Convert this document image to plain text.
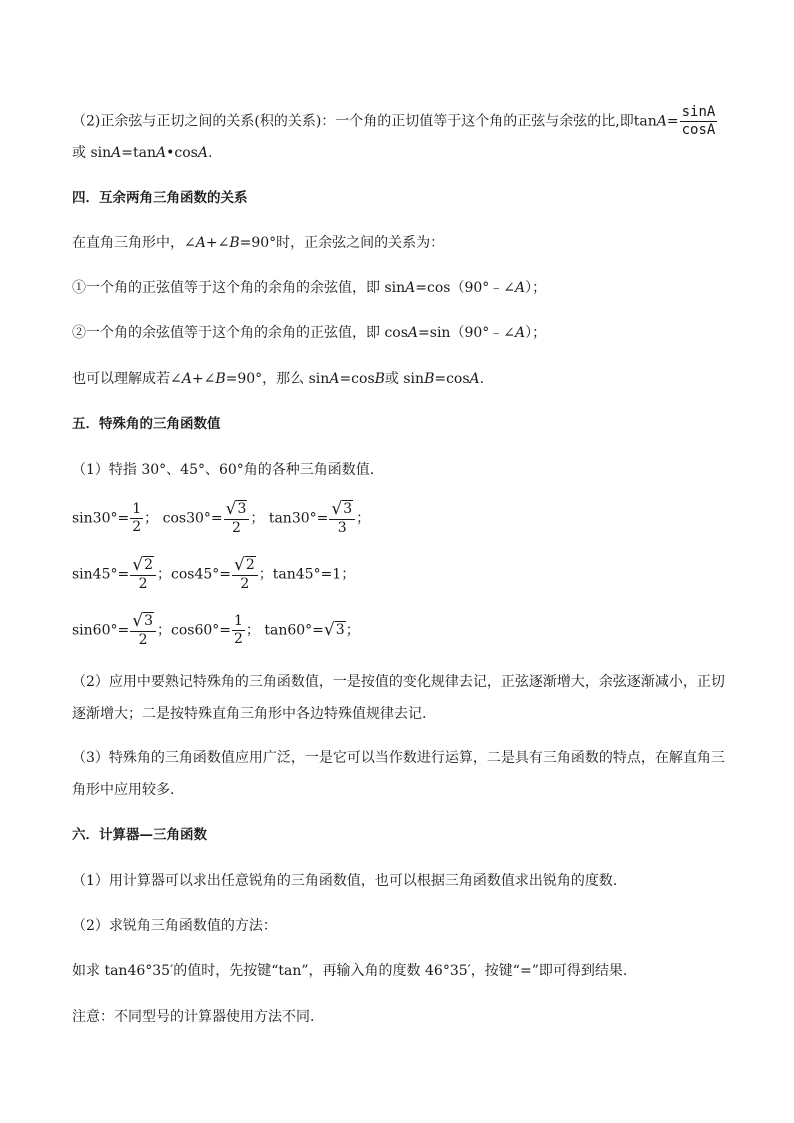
（2)正余弦与正切之间的关系(积的关系)：一个角的正切值等于这个角的正弦与余弦的比,即$\tan A= \frac{\sin A}{\cos A}$
或 sinA=tanA•cosA.
四．互余两角三角函数的关系
在直角三角形中，∠A+∠B=90°时，正余弦之间的关系为：
①一个角的正弦值等于这个角的余角的余弦值，即 sinA=cos（90°﹣∠A）；
②一个角的余弦值等于这个角的余角的正弦值，即 cosA=sin（90°﹣∠A）；
也可以理解成若∠A+∠B=90°，那么 sinA=cosB或 sinB=cosA.
五．特殊角的三角函数值
（1）特指 30°、45°、60°角的各种三角函数值.
$\sin 30^\circ= \frac{1}{2}$ ； $\cos 30^\circ= \frac{√ 3}{2}$ ； $\tan 30^\circ= \frac{√ 3}{3}$ ；
$\sin 45^\circ= \frac{√ 2}{2}$ ；$\cos 45^\circ= \frac{√ 2}{2}$ ；tan45°=1；
$\sin 60^\circ= \frac{√ 3}{2}$ ；$\cos 60^\circ= \frac{1}{2}$ ； tan60°= √ 3 ；
（2）应用中要熟记特殊角的三角函数值，一是按值的变化规律去记，正弦逐渐增大，余弦逐渐减小，正切
逐渐增大；二是按特殊直角三角形中各边特殊值规律去记.
（3）特殊角的三角函数值应用广泛，一是它可以当作数进行运算，二是具有三角函数的特点，在解直角三
角形中应用较多.
六．计算器—三角函数
（1）用计算器可以求出任意锐角的三角函数值，也可以根据三角函数值求出锐角的度数.
（2）求锐角三角函数值的方法：
如求 tan46°35′的值时，先按键“tan”，再输入角的度数 46°35′，按键“=”即可得到结果.
注意：不同型号的计算器使用方法不同.
